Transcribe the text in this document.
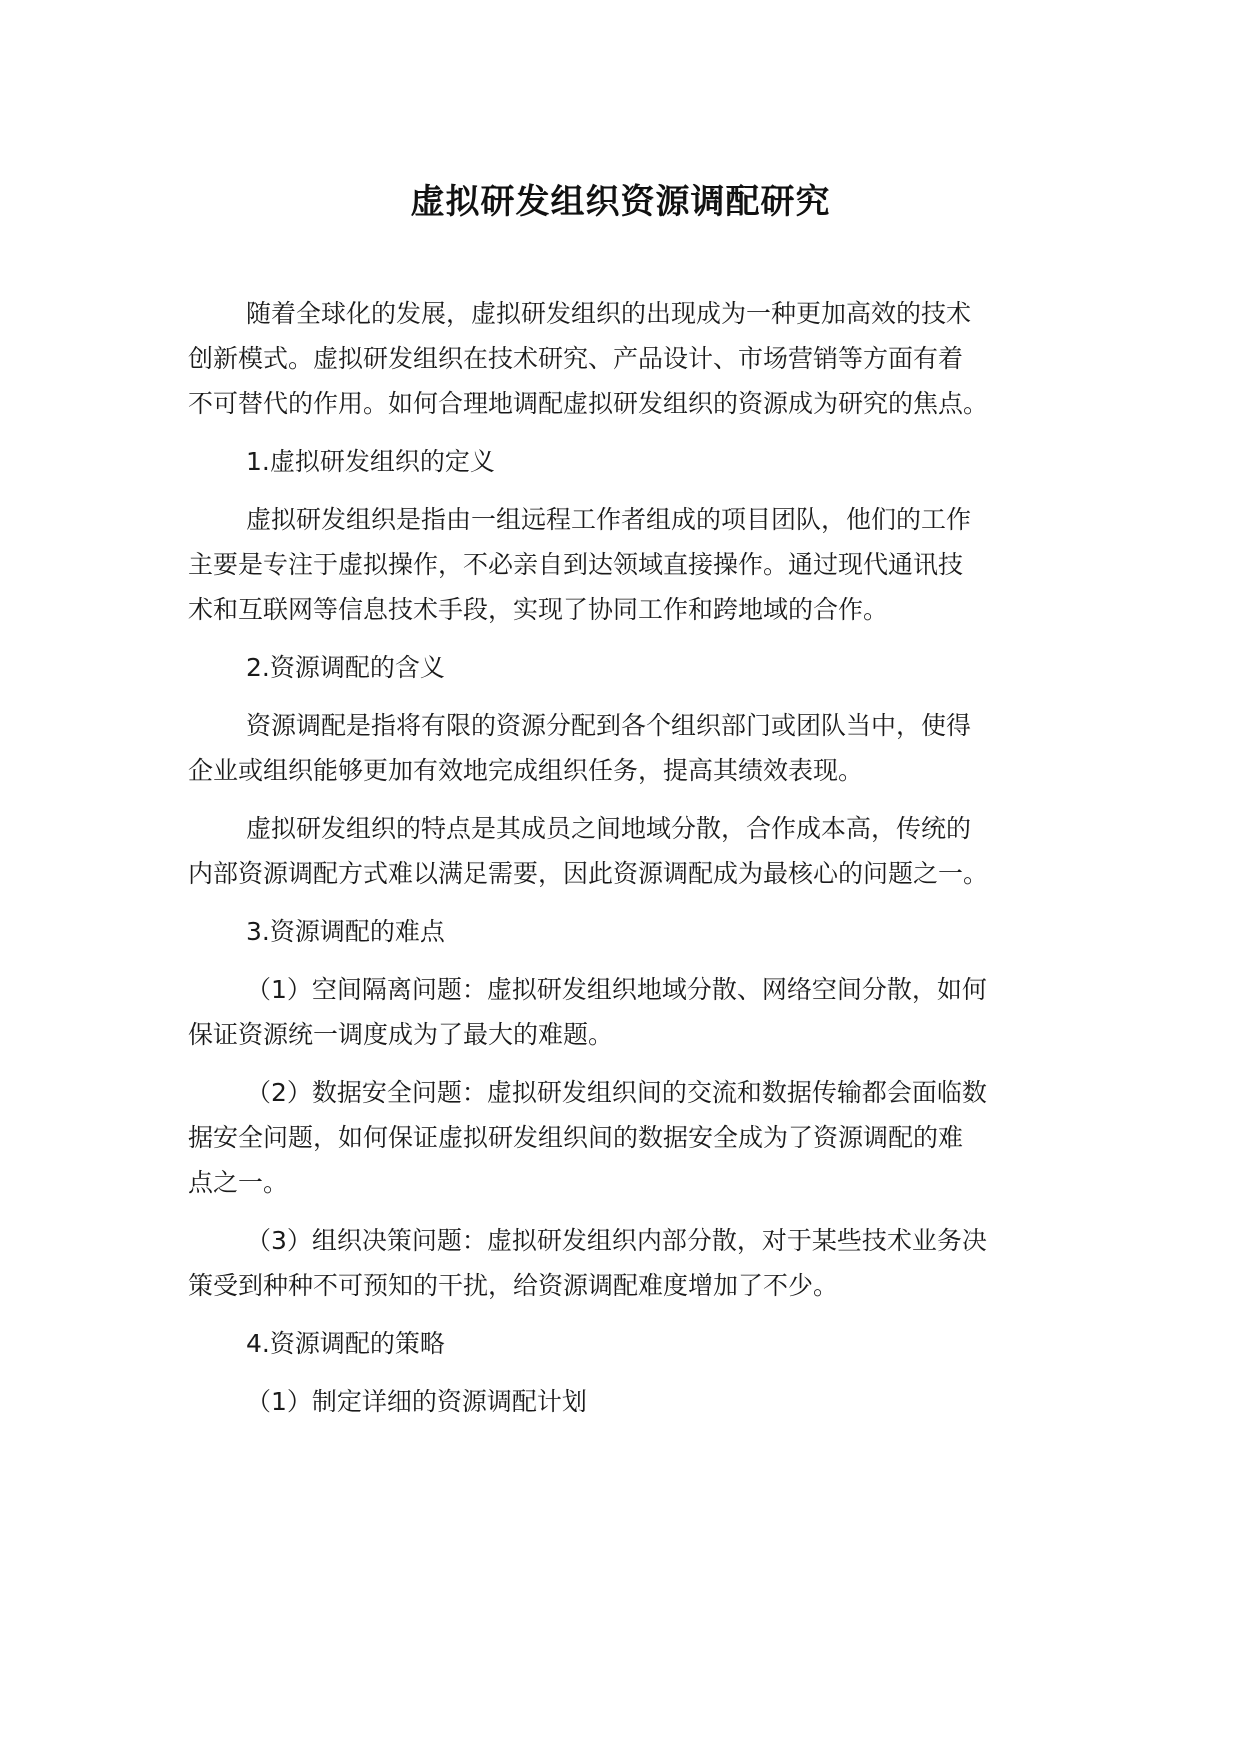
虚拟研发组织资源调配研究
随着全球化的发展，虚拟研发组织的出现成为一种更加高效的技术
创新模式。虚拟研发组织在技术研究、产品设计、市场营销等方面有着
不可替代的作用。如何合理地调配虚拟研发组织的资源成为研究的焦点。
1.虚拟研发组织的定义
虚拟研发组织是指由一组远程工作者组成的项目团队，他们的工作
主要是专注于虚拟操作，不必亲自到达领域直接操作。通过现代通讯技
术和互联网等信息技术手段，实现了协同工作和跨地域的合作。
2.资源调配的含义
资源调配是指将有限的资源分配到各个组织部门或团队当中，使得
企业或组织能够更加有效地完成组织任务，提高其绩效表现。
虚拟研发组织的特点是其成员之间地域分散，合作成本高，传统的
内部资源调配方式难以满足需要，因此资源调配成为最核心的问题之一。
3.资源调配的难点
（1）空间隔离问题：虚拟研发组织地域分散、网络空间分散，如何
保证资源统一调度成为了最大的难题。
（2）数据安全问题：虚拟研发组织间的交流和数据传输都会面临数
据安全问题，如何保证虚拟研发组织间的数据安全成为了资源调配的难
点之一。
（3）组织决策问题：虚拟研发组织内部分散，对于某些技术业务决
策受到种种不可预知的干扰，给资源调配难度增加了不少。
4.资源调配的策略
（1）制定详细的资源调配计划
